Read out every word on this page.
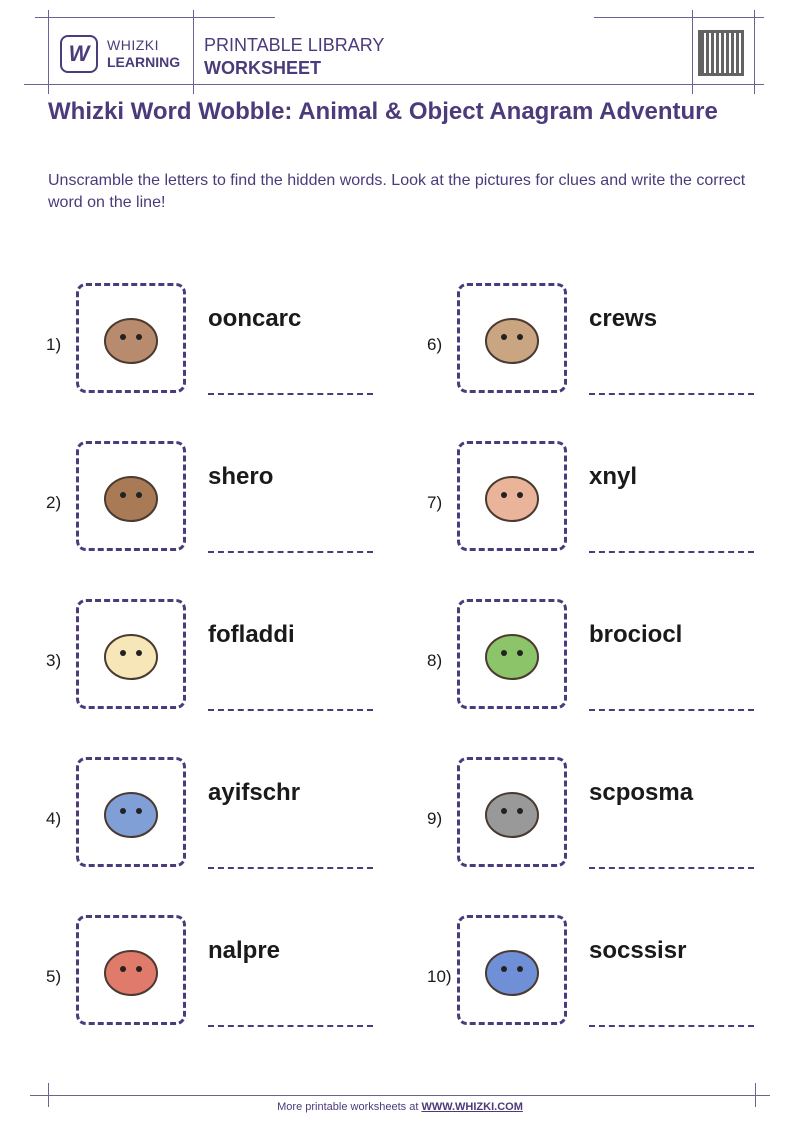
W	WHIZKI
LEARNING
PRINTABLE LIBRARY
WORKSHEET
Whizki Word Wobble: Animal & Object Anagram Adventure

Unscramble the letters to find the hidden words. Look at the pictures for clues and write the correct word on the line!

1)
ooncarc
2)
shero
3)
fofladdi
4)
ayifschr
5)
nalpre
6)
crews
7)
xnyl
8)
brociocl
9)
scposma
10)
socssisr
More printable worksheets at WWW.WHIZKI.COM
